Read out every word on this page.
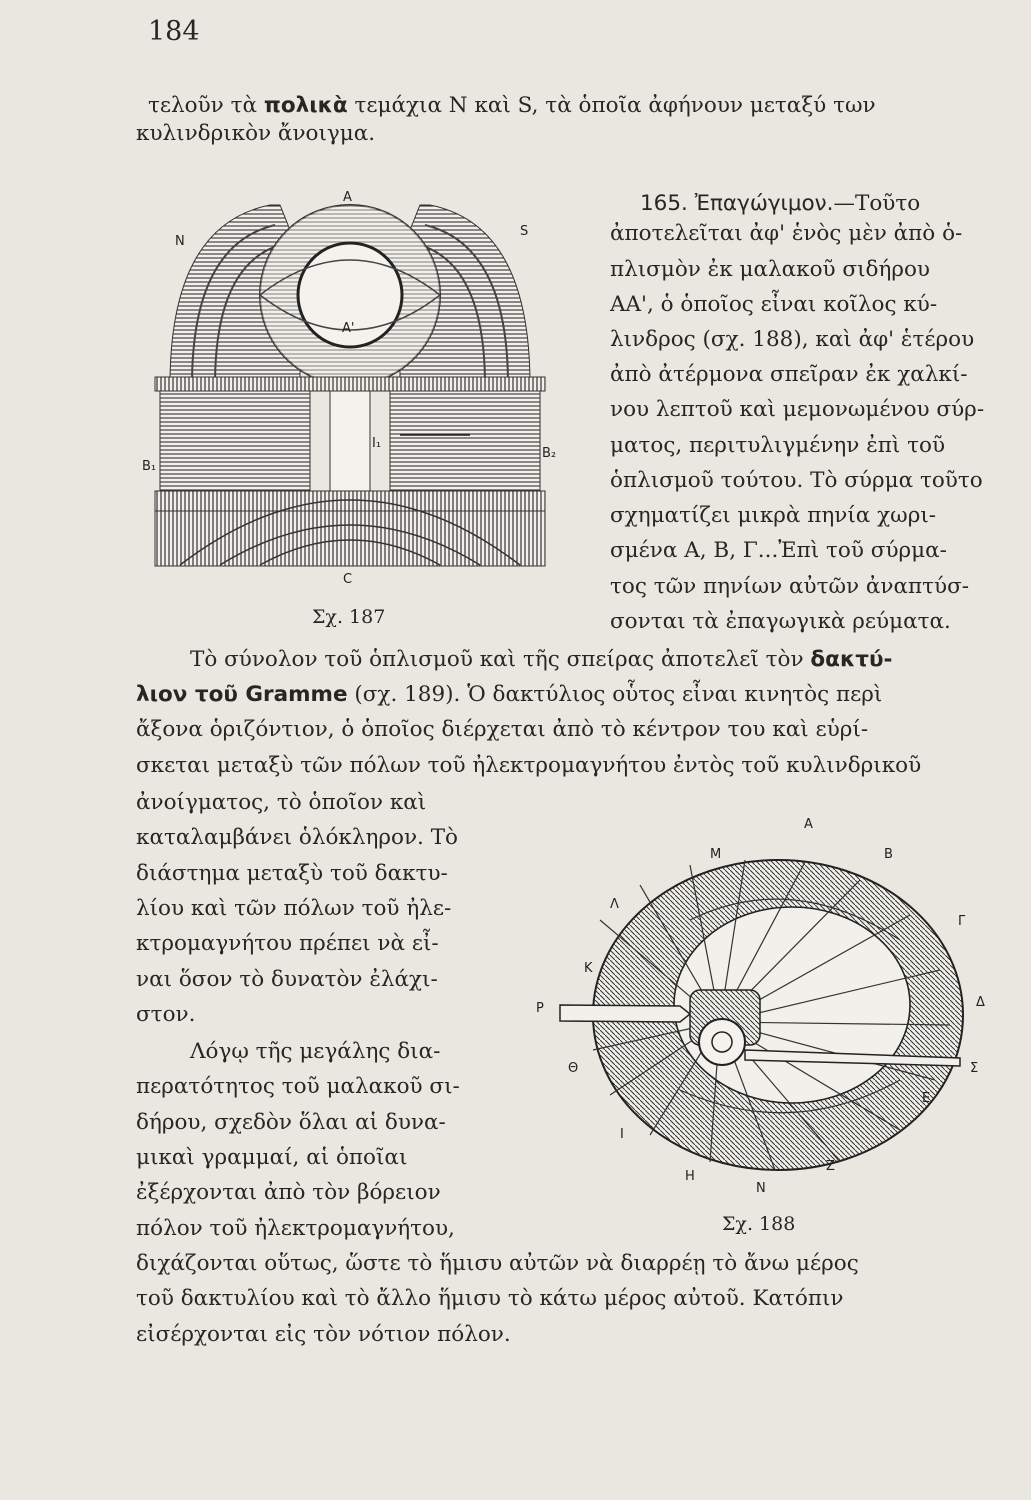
184
τελοῦν τὰ πολικὰ τεμάχια N καὶ S, τὰ ὁποῖα ἀφήνουν μεταξύ των
κυλινδρικὸν ἄνοιγμα.
A
N
S
A'
I₁
B₁
B₂
C
Σχ. 187
165. Ἐπαγώγιμον.—Τοῦτο
ἀποτελεῖται ἀφ' ἑνὸς μὲν ἀπὸ ὁ-
πλισμὸν ἐκ μαλακοῦ σιδήρου
ΑΑ', ὁ ὁποῖος εἶναι κοῖλος κύ-
λινδρος (σχ. 188), καὶ ἀφ' ἑτέρου
ἀπὸ ἀτέρμονα σπεῖραν ἐκ χαλκί-
νου λεπτοῦ καὶ μεμονωμένου σύρ-
ματος, περιτυλιγμένην ἐπὶ τοῦ
ὁπλισμοῦ τούτου. Τὸ σύρμα τοῦτο
σχηματίζει μικρὰ πηνία χωρι-
σμένα Α, Β, Γ...Ἐπὶ τοῦ σύρμα-
τος τῶν πηνίων αὐτῶν ἀναπτύσ-
σονται τὰ ἐπαγωγικὰ ρεύματα.
Τὸ σύνολον τοῦ ὁπλισμοῦ καὶ τῆς σπείρας ἀποτελεῖ τὸν δακτύ-
λιον τοῦ Gramme (σχ. 189). Ὁ δακτύλιος οὗτος εἶναι κινητὸς περὶ
ἄξονα ὁριζόντιον, ὁ ὁποῖος διέρχεται ἀπὸ τὸ κέντρον του καὶ εὑρί-
σκεται μεταξὺ τῶν πόλων τοῦ ἠλεκτρομαγνήτου ἐντὸς τοῦ κυλινδρικοῦ
ἀνοίγματος, τὸ ὁποῖον καὶ
καταλαμβάνει ὁλόκληρον. Τὸ
διάστημα μεταξὺ τοῦ δακτυ-
λίου καὶ τῶν πόλων τοῦ ἠλε-
κτρομαγνήτου πρέπει νὰ εἶ-
ναι ὅσον τὸ δυνατὸν ἐλάχι-
στον.
Λόγῳ τῆς μεγάλης δια-
περατότητος τοῦ μαλακοῦ σι-
δήρου, σχεδὸν ὅλαι αἱ δυνα-
μικαὶ γραμμαί, αἱ ὁποῖαι
ἐξέρχονται ἀπὸ τὸν βόρειον
πόλον τοῦ ἠλεκτρομαγνήτου,
Α
Μ	Β
Λ
Γ
Κ
Ρ	Δ
Θ	Σ
Ε
Ι
Η
Ζ
Ν
Σχ. 188
διχάζονται οὕτως, ὥστε τὸ ἥμισυ αὐτῶν νὰ διαρρέῃ τὸ ἄνω μέρος
τοῦ δακτυλίου καὶ τὸ ἄλλο ἥμισυ τὸ κάτω μέρος αὐτοῦ. Κατόπιν
εἰσέρχονται εἰς τὸν νότιον πόλον.
